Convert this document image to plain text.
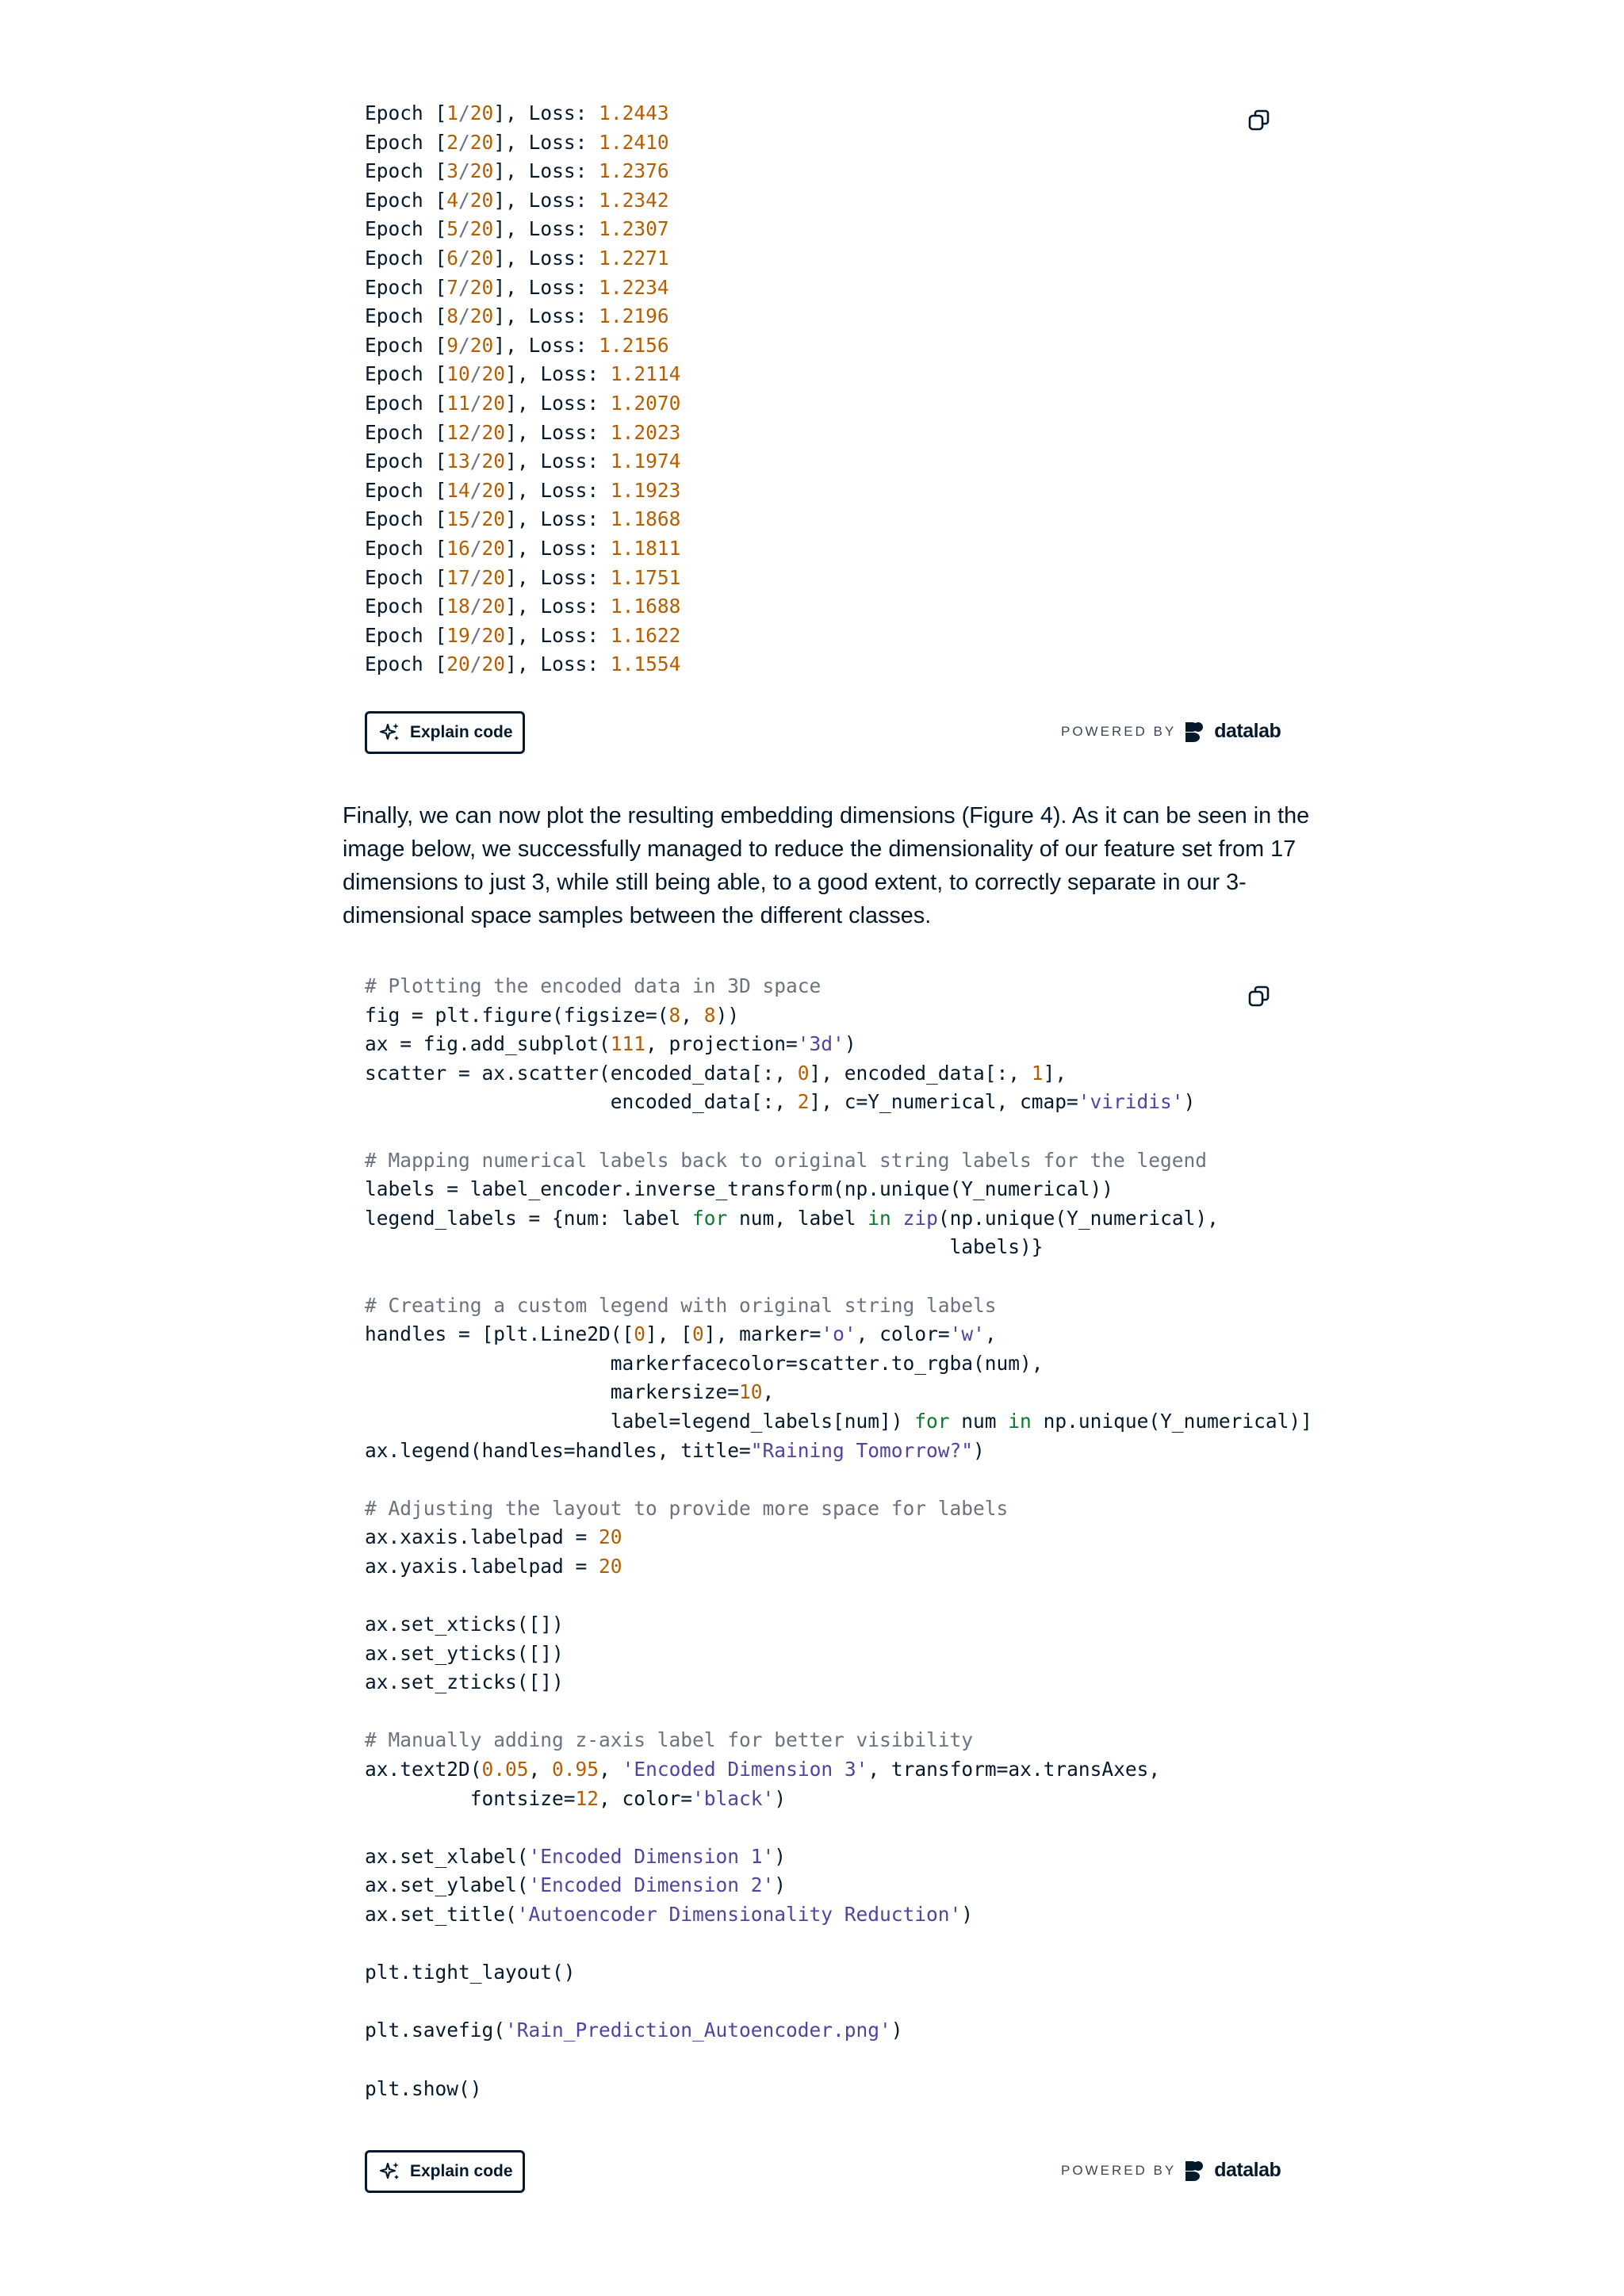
Epoch [1/20], Loss: 1.2443
Epoch [2/20], Loss: 1.2410
Epoch [3/20], Loss: 1.2376
Epoch [4/20], Loss: 1.2342
Epoch [5/20], Loss: 1.2307
Epoch [6/20], Loss: 1.2271
Epoch [7/20], Loss: 1.2234
Epoch [8/20], Loss: 1.2196
Epoch [9/20], Loss: 1.2156
Epoch [10/20], Loss: 1.2114
Epoch [11/20], Loss: 1.2070
Epoch [12/20], Loss: 1.2023
Epoch [13/20], Loss: 1.1974
Epoch [14/20], Loss: 1.1923
Epoch [15/20], Loss: 1.1868
Epoch [16/20], Loss: 1.1811
Epoch [17/20], Loss: 1.1751
Epoch [18/20], Loss: 1.1688
Epoch [19/20], Loss: 1.1622
Epoch [20/20], Loss: 1.1554
Explain code	POWERED BY datalab

Finally, we can now plot the resulting embedding dimensions (Figure 4). As it can be seen in the image below, we successfully managed to reduce the dimensionality of our feature set from 17 dimensions to just 3, while still being able, to a good extent, to correctly separate in our 3-dimensional space samples between the different classes.

# Plotting the encoded data in 3D space
fig = plt.figure(figsize=(8, 8))
ax = fig.add_subplot(111, projection='3d')
scatter = ax.scatter(encoded_data[:, 0], encoded_data[:, 1],
encoded_data[:, 2], c=Y_numerical, cmap='viridis')

# Mapping numerical labels back to original string labels for the legend
labels = label_encoder.inverse_transform(np.unique(Y_numerical))
legend_labels = {num: label for num, label in zip(np.unique(Y_numerical),
labels)}

# Creating a custom legend with original string labels
handles = [plt.Line2D([0], [0], marker='o', color='w',
markerfacecolor=scatter.to_rgba(num),
markersize=10,
label=legend_labels[num]) for num in np.unique(Y_numerical)]
ax.legend(handles=handles, title="Raining Tomorrow?")

# Adjusting the layout to provide more space for labels
ax.xaxis.labelpad = 20
ax.yaxis.labelpad = 20

ax.set_xticks([])
ax.set_yticks([])
ax.set_zticks([])

# Manually adding z-axis label for better visibility
ax.text2D(0.05, 0.95, 'Encoded Dimension 3', transform=ax.transAxes,
fontsize=12, color='black')

ax.set_xlabel('Encoded Dimension 1')
ax.set_ylabel('Encoded Dimension 2')
ax.set_title('Autoencoder Dimensionality Reduction')

plt.tight_layout()

plt.savefig('Rain_Prediction_Autoencoder.png')

plt.show()
Explain code	POWERED BY datalab
